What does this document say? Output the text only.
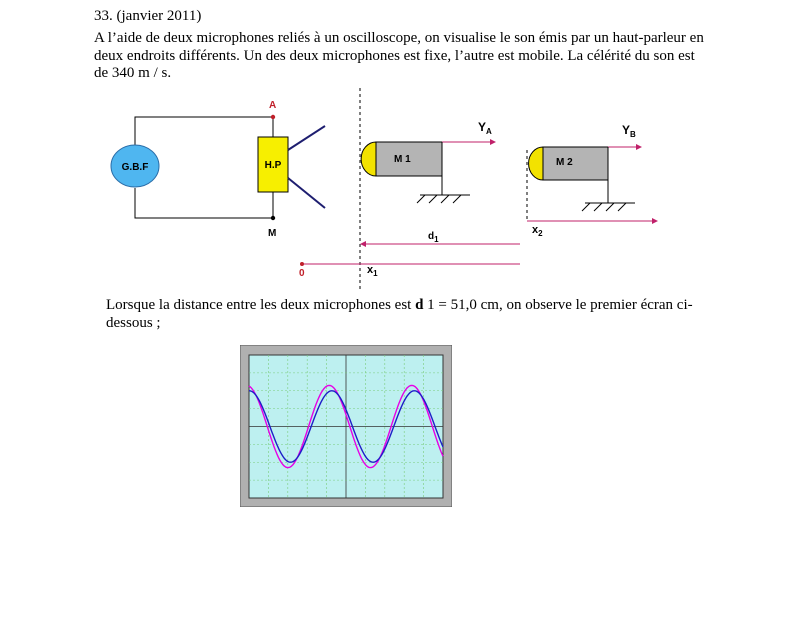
33. (janvier 2011)
A l’aide de deux microphones reliés à un oscilloscope, on visualise le son émis par un haut-parleur en deux endroits différents. Un des deux microphones est fixe, l’autre est mobile. La célérité du son est de 340 m / s.
A
M
G.B.F	H.P
M 1
$Y_A$
M 2
$Y_B$
$x_2$
$d_1$
0	$x_1$
Lorsque la distance entre les deux microphones est d 1 = 51,0 cm, on observe le premier écran ci-dessous ;
